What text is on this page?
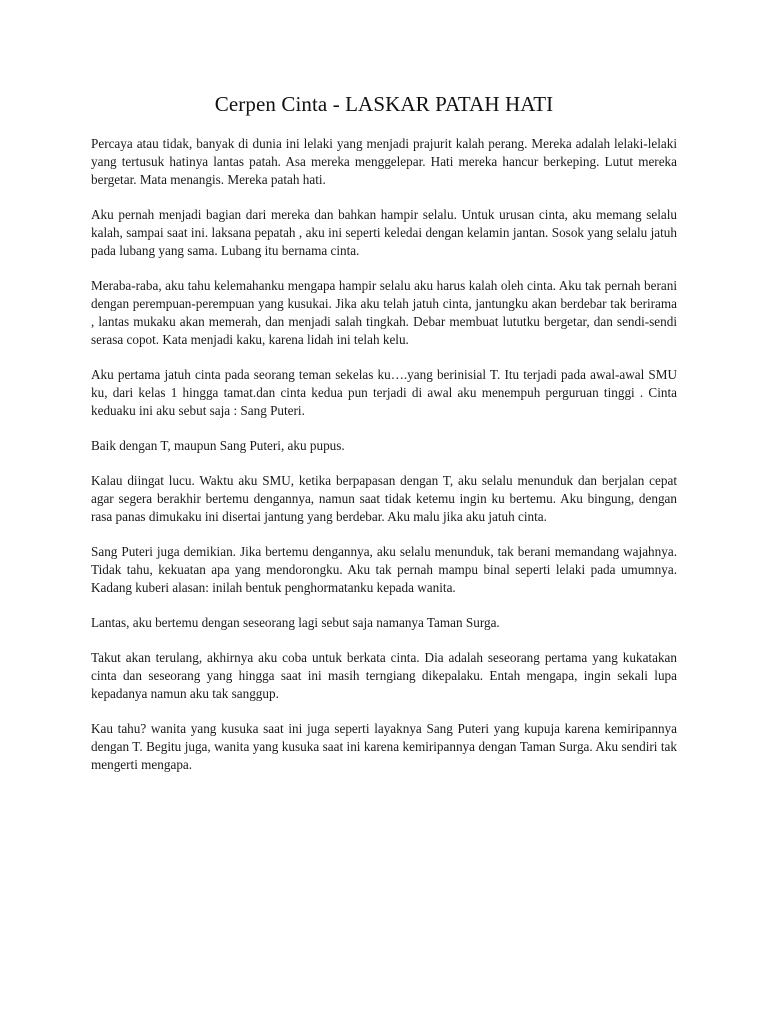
Cerpen Cinta - LASKAR PATAH HATI

Percaya atau tidak, banyak di dunia ini lelaki yang menjadi prajurit kalah perang. Mereka adalah lelaki-lelaki yang tertusuk hatinya lantas patah. Asa mereka menggelepar. Hati mereka hancur berkeping. Lutut mereka bergetar. Mata menangis. Mereka patah hati.

Aku pernah menjadi bagian dari mereka dan bahkan hampir selalu. Untuk urusan cinta, aku memang selalu kalah, sampai saat ini. laksana pepatah , aku ini seperti keledai dengan kelamin jantan. Sosok yang selalu jatuh pada lubang yang sama. Lubang itu bernama cinta.

Meraba-raba, aku tahu kelemahanku mengapa hampir selalu aku harus kalah oleh cinta. Aku tak pernah berani dengan perempuan-perempuan yang kusukai. Jika aku telah jatuh cinta, jantungku akan berdebar tak berirama , lantas mukaku akan memerah, dan menjadi salah tingkah. Debar membuat lututku bergetar, dan sendi-sendi serasa copot. Kata menjadi kaku, karena lidah ini telah kelu.

Aku pertama jatuh cinta pada seorang teman sekelas ku….yang berinisial T. Itu terjadi pada awal-awal SMU ku, dari kelas 1 hingga tamat.dan cinta kedua pun terjadi di awal aku menempuh perguruan tinggi . Cinta keduaku ini aku sebut saja : Sang Puteri.

Baik dengan T, maupun Sang Puteri, aku pupus.

Kalau diingat lucu. Waktu aku SMU, ketika berpapasan dengan T, aku selalu menunduk dan berjalan cepat agar segera berakhir bertemu dengannya, namun saat tidak ketemu ingin ku bertemu. Aku bingung, dengan rasa panas dimukaku ini disertai jantung yang berdebar. Aku malu jika aku jatuh cinta.

Sang Puteri juga demikian. Jika bertemu dengannya, aku selalu menunduk, tak berani memandang wajahnya. Tidak tahu, kekuatan apa yang mendorongku. Aku tak pernah mampu binal seperti lelaki pada umumnya. Kadang kuberi alasan: inilah bentuk penghormatanku kepada wanita.

Lantas, aku bertemu dengan seseorang lagi sebut saja namanya Taman Surga.

Takut akan terulang, akhirnya aku coba untuk berkata cinta. Dia adalah seseorang pertama yang kukatakan cinta dan seseorang yang hingga saat ini masih terngiang dikepalaku. Entah mengapa, ingin sekali lupa kepadanya namun aku tak sanggup.

Kau tahu? wanita yang kusuka saat ini juga seperti layaknya Sang Puteri yang kupuja karena kemiripannya dengan T. Begitu juga, wanita yang kusuka saat ini karena kemiripannya dengan Taman Surga. Aku sendiri tak mengerti mengapa.
